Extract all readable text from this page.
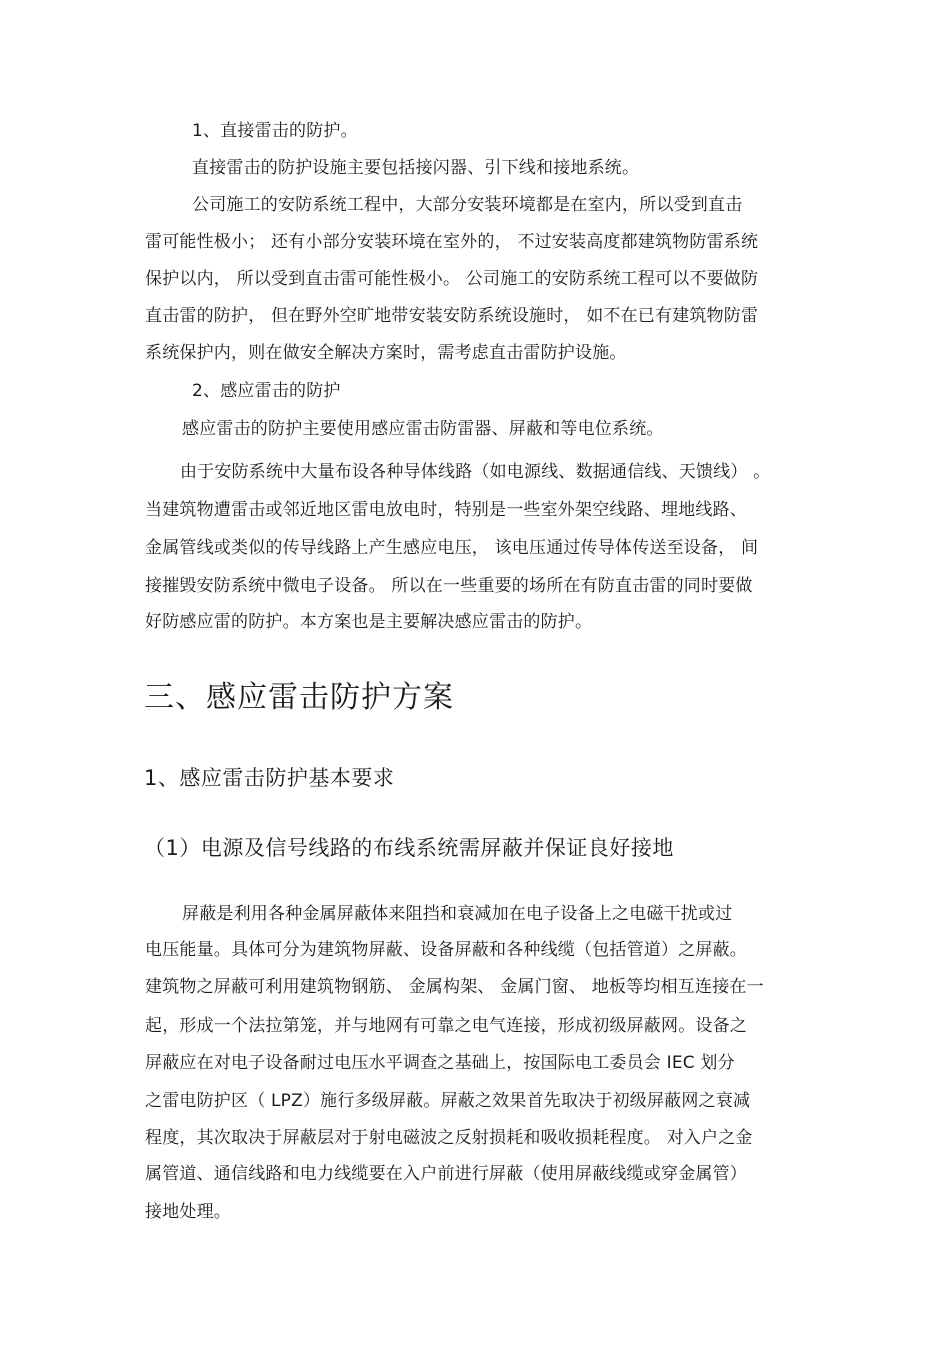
1、直接雷击的防护。
直接雷击的防护设施主要包括接闪器、引下线和接地系统。
公司施工的安防系统工程中，大部分安装环境都是在室内，所以受到直击
雷可能性极小； 还有小部分安装环境在室外的， 不过安装高度都建筑物防雷系统
保护以内， 所以受到直击雷可能性极小。 公司施工的安防系统工程可以不要做防
直击雷的防护， 但在野外空旷地带安装安防系统设施时， 如不在已有建筑物防雷
系统保护内，则在做安全解决方案时，需考虑直击雷防护设施。
2、感应雷击的防护
感应雷击的防护主要使用感应雷击防雷器、屏蔽和等电位系统。
由于安防系统中大量布设各种导体线路（如电源线、数据通信线、天馈线） 。
当建筑物遭雷击或邻近地区雷电放电时，特别是一些室外架空线路、埋地线路、
金属管线或类似的传导线路上产生感应电压， 该电压通过传导体传送至设备， 间
接摧毁安防系统中微电子设备。 所以在一些重要的场所在有防直击雷的同时要做
好防感应雷的防护。本方案也是主要解决感应雷击的防护。
三、感应雷击防护方案
1、感应雷击防护基本要求
（1）电源及信号线路的布线系统需屏蔽并保证良好接地
屏蔽是利用各种金属屏蔽体来阻挡和衰减加在电子设备上之电磁干扰或过
电压能量。具体可分为建筑物屏蔽、设备屏蔽和各种线缆（包括管道）之屏蔽。
建筑物之屏蔽可利用建筑物钢筋、 金属构架、 金属门窗、 地板等均相互连接在一
起，形成一个法拉第笼，并与地网有可靠之电气连接，形成初级屏蔽网。设备之
屏蔽应在对电子设备耐过电压水平调查之基础上，按国际电工委员会 IEC 划分
之雷电防护区（ LPZ）施行多级屏蔽。屏蔽之效果首先取决于初级屏蔽网之衰减
程度，其次取决于屏蔽层对于射电磁波之反射损耗和吸收损耗程度。 对入户之金
属管道、通信线路和电力线缆要在入户前进行屏蔽（使用屏蔽线缆或穿金属管）
接地处理。
